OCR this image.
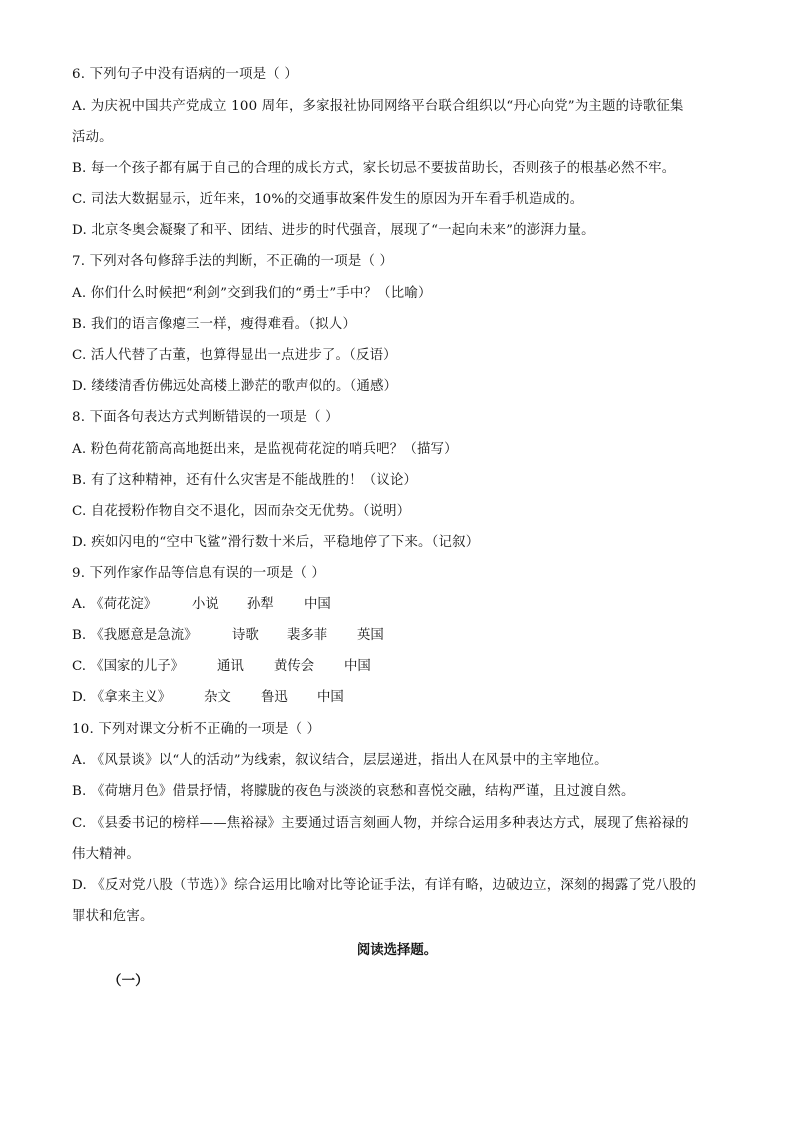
6. 下列句子中没有语病的一项是（ ）
A. 为庆祝中国共产党成立 100 周年，多家报社协同网络平台联合组织以“丹心向党”为主题的诗歌征集
活动。
B. 每一个孩子都有属于自己的合理的成长方式，家长切忌不要拔苗助长，否则孩子的根基必然不牢。
C. 司法大数据显示，近年来，10%的交通事故案件发生的原因为开车看手机造成的。
D. 北京冬奥会凝聚了和平、团结、进步的时代强音，展现了“一起向未来”的澎湃力量。
7. 下列对各句修辞手法的判断，不正确的一项是（ ）
A. 你们什么时候把“利剑”交到我们的“勇士”手中？（比喻）
B. 我们的语言像瘪三一样，瘦得难看。（拟人）
C. 活人代替了古董，也算得显出一点进步了。（反语）
D. 缕缕清香仿佛远处高楼上渺茫的歌声似的。（通感）
8. 下面各句表达方式判断错误的一项是（ ）
A. 粉色荷花箭高高地挺出来，是监视荷花淀的哨兵吧？（描写）
B. 有了这种精神，还有什么灾害是不能战胜的！（议论）
C. 自花授粉作物自交不退化，因而杂交无优势。（说明）
D. 疾如闪电的“空中飞鲨”滑行数十米后，平稳地停了下来。（记叙）
9. 下列作家作品等信息有误的一项是（ ）
A. 《荷花淀》	小说 孙犁 中国
B. 《我愿意是急流》	诗歌 裴多菲 英国
C. 《国家的儿子》 通讯 黄传会 中国
D. 《拿来主义》 杂文 鲁迅 中国
10. 下列对课文分析不正确的一项是（ ）
A. 《风景谈》以“人的活动”为线索，叙议结合，层层递进，指出人在风景中的主宰地位。
B. 《荷塘月色》借景抒情，将朦胧的夜色与淡淡的哀愁和喜悦交融，结构严谨，且过渡自然。
C. 《县委书记的榜样——焦裕禄》主要通过语言刻画人物，并综合运用多种表达方式，展现了焦裕禄的
伟大精神。
D. 《反对党八股（节选）》综合运用比喻对比等论证手法，有详有略，边破边立，深刻的揭露了党八股的
罪状和危害。
阅读选择题。
（一）
